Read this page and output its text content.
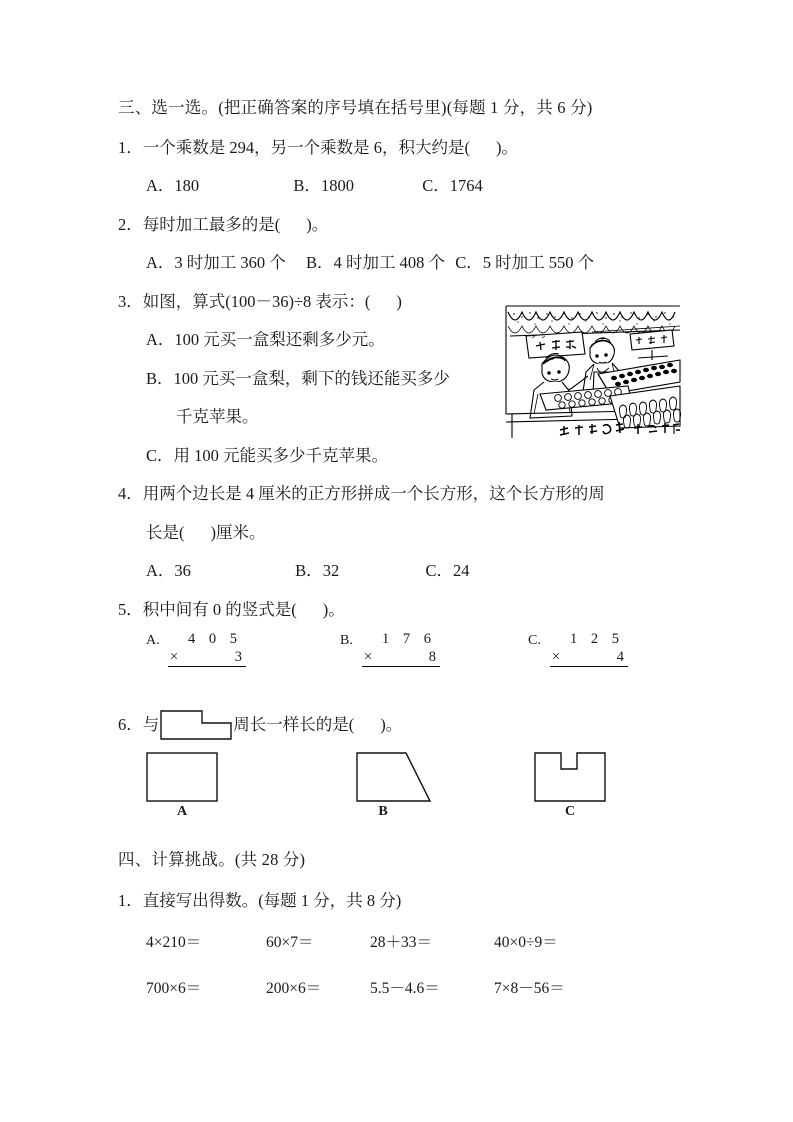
三、选一选。(把正确答案的序号填在括号里)(每题 1 分，共 6 分)
1．一个乘数是 294，另一个乘数是 6，积大约是( )。
A．180	B．1800	C．1764
2．每时加工最多的是( )。
A．3 时加工 360 个 B．4 时加工 408 个 C．5 时加工 550 个
3．如图，算式(100－36)÷8 表示：( )
A．100 元买一盒梨还剩多少元。
B．100 元买一盒梨，剩下的钱还能买多少
千克苹果。
C．用 100 元能买多少千克苹果。
4．用两个边长是 4 厘米的正方形拼成一个长方形，这个长方形的周
长是( )厘米。
A．36	B．32	C．24
5．积中间有 0 的竖式是( )。
A.	4 0 5
×	3
B.	1 7 6
×	8
C.	1 2 5
×	4
6．与	周长一样长的是( )。
A	B	C
四、计算挑战。(共 28 分)
1．直接写出得数。(每题 1 分，共 8 分)
4×210＝	60×7＝	28＋33＝	40×0÷9＝
700×6＝	200×6＝	5.5－4.6＝	7×8－56＝
